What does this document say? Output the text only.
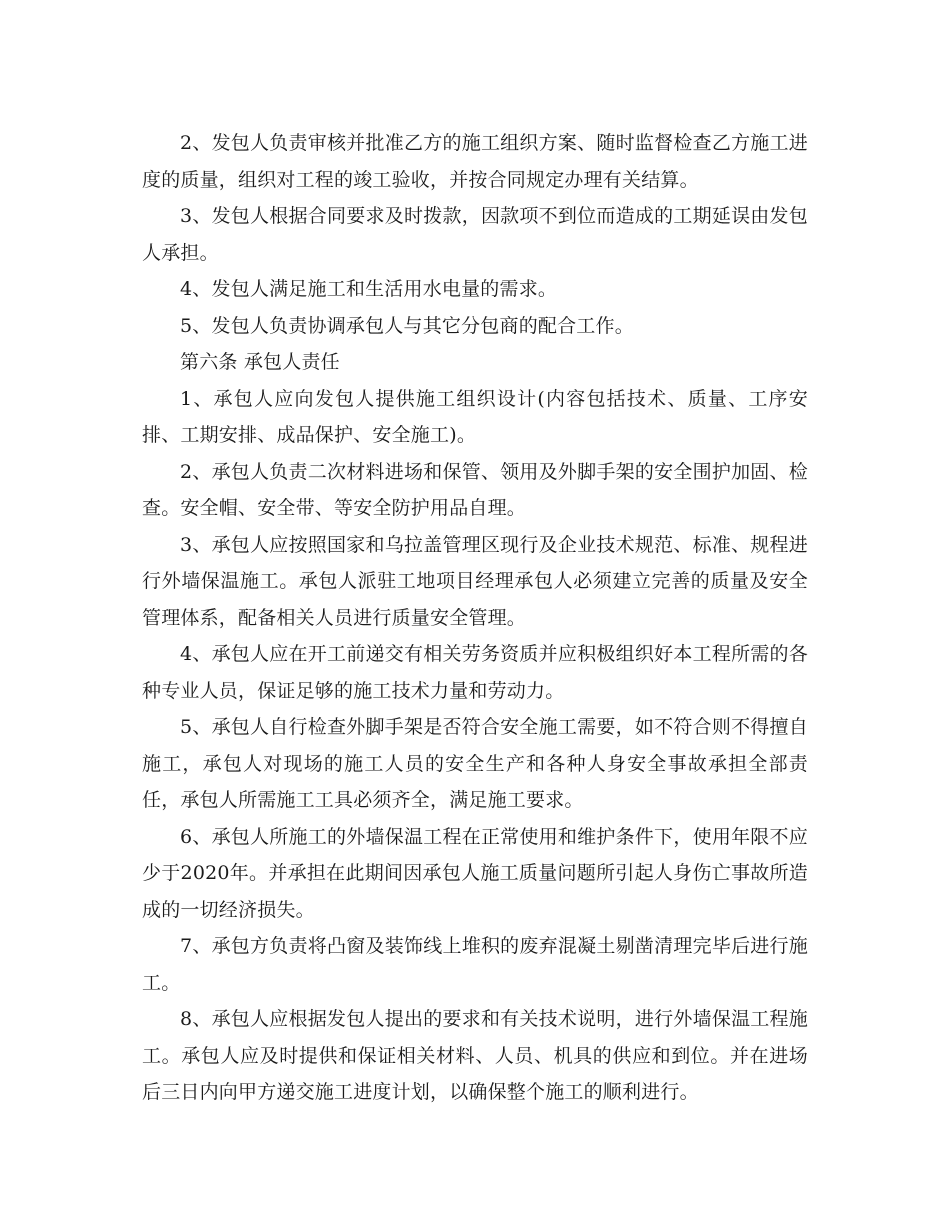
2、发包人负责审核并批准乙方的施工组织方案、随时监督检查乙方施工进度的质量，组织对工程的竣工验收，并按合同规定办理有关结算。

3、发包人根据合同要求及时拨款，因款项不到位而造成的工期延误由发包人承担。

4、发包人满足施工和生活用水电量的需求。

5、发包人负责协调承包人与其它分包商的配合工作。

第六条 承包人责任

1、承包人应向发包人提供施工组织设计(内容包括技术、质量、工序安排、工期安排、成品保护、安全施工)。

2、承包人负责二次材料进场和保管、领用及外脚手架的安全围护加固、检查。安全帽、安全带、等安全防护用品自理。

3、承包人应按照国家和乌拉盖管理区现行及企业技术规范、标准、规程进行外墙保温施工。承包人派驻工地项目经理承包人必须建立完善的质量及安全管理体系，配备相关人员进行质量安全管理。

4、承包人应在开工前递交有相关劳务资质并应积极组织好本工程所需的各种专业人员，保证足够的施工技术力量和劳动力。

5、承包人自行检查外脚手架是否符合安全施工需要，如不符合则不得擅自施工，承包人对现场的施工人员的安全生产和各种人身安全事故承担全部责任，承包人所需施工工具必须齐全，满足施工要求。

6、承包人所施工的外墙保温工程在正常使用和维护条件下，使用年限不应少于2020年。并承担在此期间因承包人施工质量问题所引起人身伤亡事故所造成的一切经济损失。

7、承包方负责将凸窗及装饰线上堆积的废弃混凝土剔凿清理完毕后进行施工。

8、承包人应根据发包人提出的要求和有关技术说明，进行外墙保温工程施工。承包人应及时提供和保证相关材料、人员、机具的供应和到位。并在进场后三日内向甲方递交施工进度计划，以确保整个施工的顺利进行。
